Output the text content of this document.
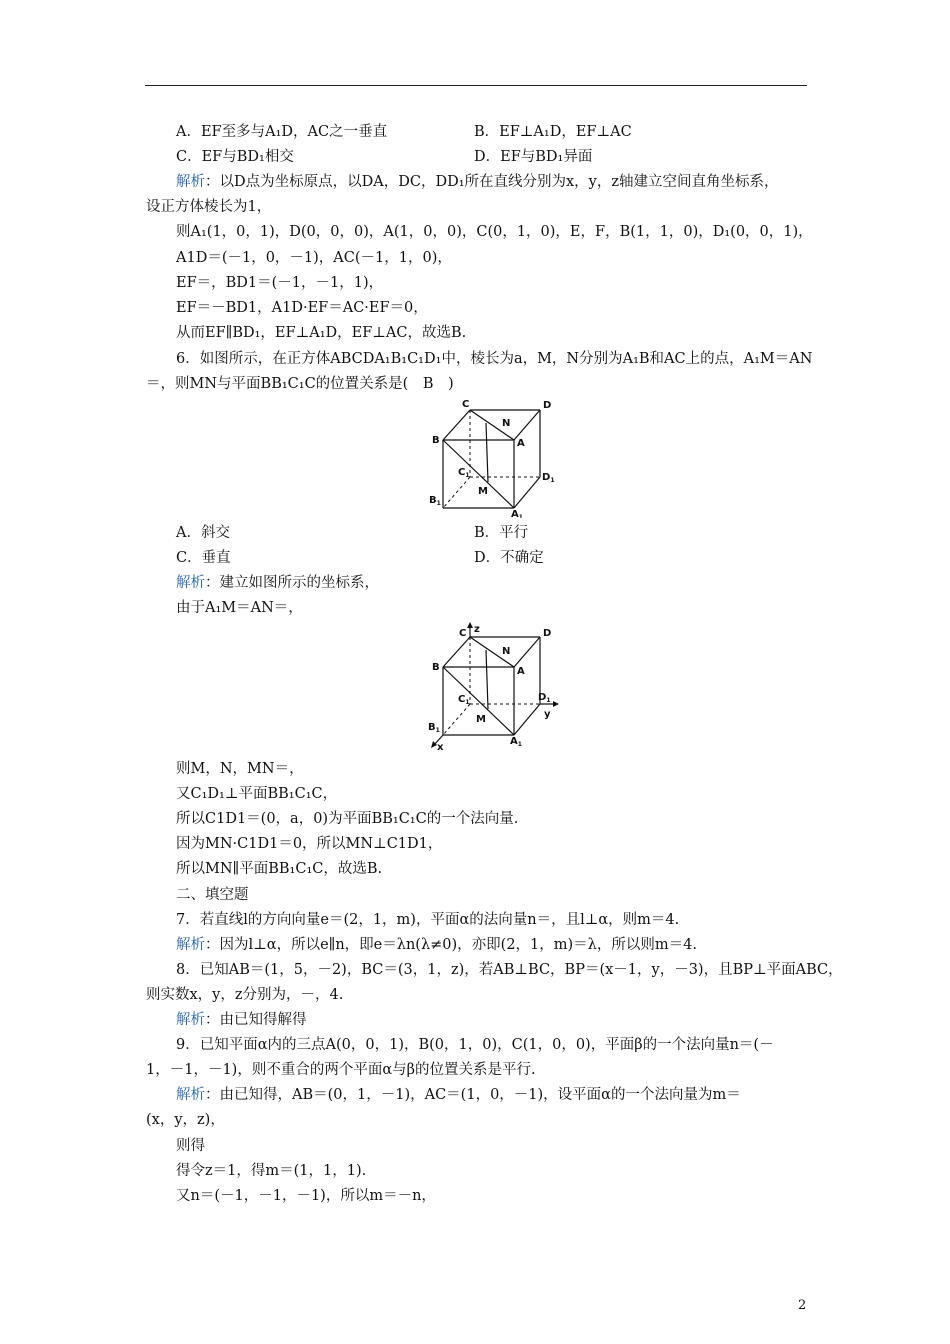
A．EF至多与A₁D，AC之一垂直	B．EF⊥A₁D，EF⊥AC
C．EF与BD₁相交	D．EF与BD₁异面
解析：以D点为坐标原点，以DA，DC，DD₁所在直线分别为x，y，z轴建立空间直角坐标系，
设正方体棱长为1，
则A₁(1，0，1)，D(0，0，0)，A(1，0，0)，C(0，1，0)，E，F，B(1，1，0)，D₁(0，0，1)，
A1D＝(－1，0，－1)，AC(－1，1，0)，
EF＝，BD1＝(－1，－1，1)，
EF＝－BD1，A1D·EF＝AC·EF＝0，
从而EF∥BD₁，EF⊥A₁D，EF⊥AC，故选B.
6．如图所示，在正方体ABCDA₁B₁C₁D₁中，棱长为a，M，N分别为A₁B和AC上的点，A₁M＝AN
＝，则MN与平面BB₁C₁C的位置关系是(　B　)
C	D
N
B	A
$C_1$	$D_1$
M
$B_1$
$A_1$
A．斜交	B．平行
C．垂直	D．不确定
解析：建立如图所示的坐标系，
由于A₁M＝AN＝，
C z	D
N
B	A
$C_1$	$D_1$
y
M
$B_1$
$A_1$
x
则M，N，MN＝，
又C₁D₁⊥平面BB₁C₁C，
所以C1D1＝(0，a，0)为平面BB₁C₁C的一个法向量.
因为MN·C1D1＝0，所以MN⊥C1D1，
所以MN∥平面BB₁C₁C，故选B.
二、填空题
7．若直线l的方向向量e＝(2，1，m)，平面α的法向量n＝，且l⊥α，则m＝4.
解析：因为l⊥α，所以e∥n，即e＝λn(λ≠0)，亦即(2，1，m)＝λ，所以则m＝4.
8．已知AB＝(1，5，－2)，BC＝(3，1，z)，若AB⊥BC，BP＝(x－1，y，－3)，且BP⊥平面ABC，
则实数x，y，z分别为，－，4.
解析：由已知得解得
9．已知平面α内的三点A(0，0，1)，B(0，1，0)，C(1，0，0)，平面β的一个法向量n＝(－
1，－1，－1)，则不重合的两个平面α与β的位置关系是平行.
解析：由已知得，AB＝(0，1，－1)，AC＝(1，0，－1)，设平面α的一个法向量为m＝
(x，y，z)，
则得
得令z＝1，得m＝(1，1，1).
又n＝(－1，－1，－1)，所以m＝－n，
2
